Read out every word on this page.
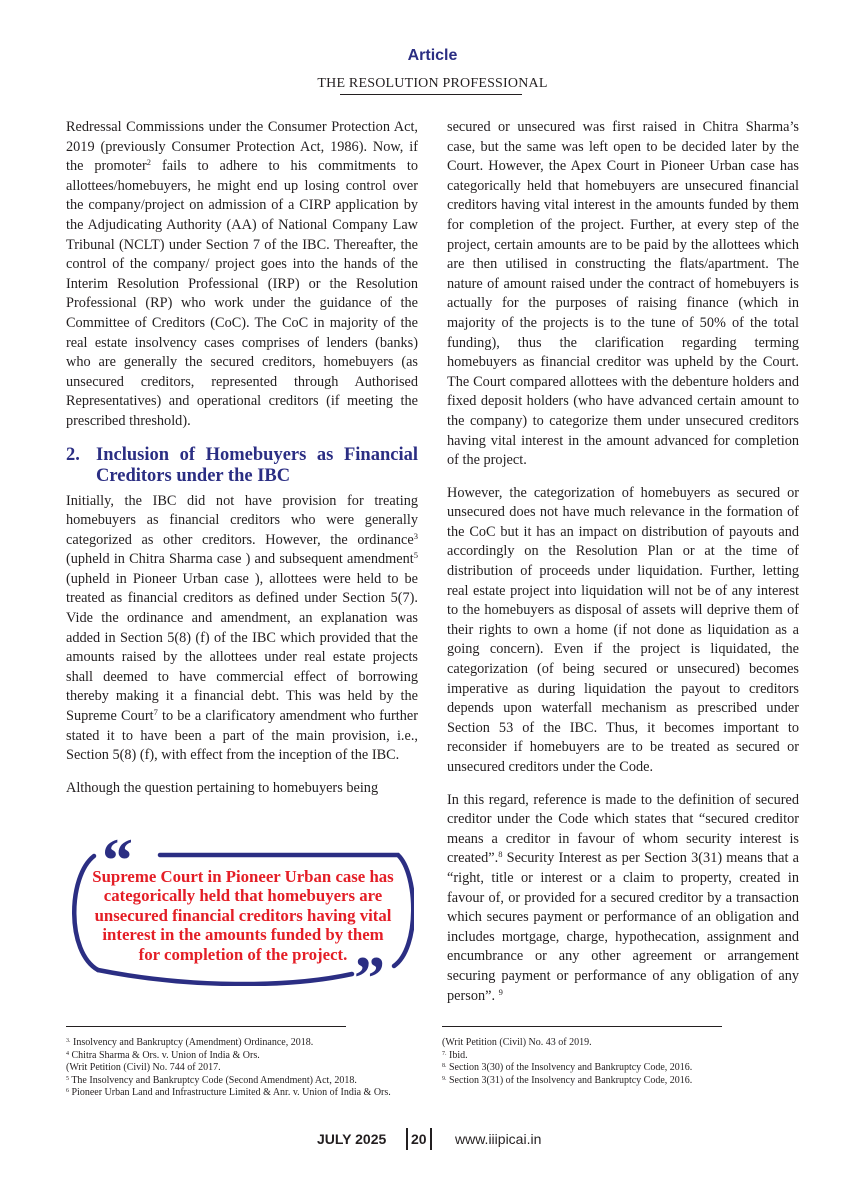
Article
THE RESOLUTION PROFESSIONAL

Redressal Commissions under the Consumer Protection Act, 2019 (previously Consumer Protection Act, 1986). Now, if the promoter$^2$ fails to adhere to his commitments to allottees/homebuyers, he might end up losing control over the company/project on admission of a CIRP application by the Adjudicating Authority (AA) of National Company Law Tribunal (NCLT) under Section 7 of the IBC. Thereafter, the control of the company/ project goes into the hands of the Interim Resolution Professional (IRP) or the Resolution Professional (RP) who work under the guidance of the Committee of Creditors (CoC). The CoC in majority of the real estate insolvency cases comprises of lenders (banks) who are generally the secured creditors, homebuyers (as unsecured creditors, represented through Authorised Representatives) and operational creditors (if meeting the prescribed threshold).

2. Inclusion of Homebuyers as Financial Creditors under the IBC

Initially, the IBC did not have provision for treating homebuyers as financial creditors who were generally categorized as other creditors. However, the ordinance$^3$ (upheld in Chitra Sharma case ) and subsequent amendment$^5$ (upheld in Pioneer Urban case ), allottees were held to be treated as financial creditors as defined under Section 5(7). Vide the ordinance and amendment, an explanation was added in Section 5(8) (f) of the IBC which provided that the amounts raised by the allottees under real estate projects shall deemed to have commercial effect of borrowing thereby making it a financial debt. This was held by the Supreme Court$^7$ to be a clarificatory amendment who further stated it to have been a part of the main provision, i.e., Section 5(8) (f), with effect from the inception of the IBC.

Although the question pertaining to homebuyers being

“
Supreme Court in Pioneer Urban case has categorically held that homebuyers are unsecured financial creditors having vital interest in the amounts funded by them for completion of the project. ”

secured or unsecured was first raised in Chitra Sharma’s case, but the same was left open to be decided later by the Court. However, the Apex Court in Pioneer Urban case has categorically held that homebuyers are unsecured financial creditors having vital interest in the amounts funded by them for completion of the project. Further, at every step of the project, certain amounts are to be paid by the allottees which are then utilised in constructing the flats/apartment. The nature of amount raised under the contract of homebuyers is actually for the purposes of raising finance (which in majority of the projects is to the tune of 50% of the total funding), thus the clarification regarding terming homebuyers as financial creditor was upheld by the Court. The Court compared allottees with the debenture holders and fixed deposit holders (who have advanced certain amount to the company) to categorize them under unsecured creditors having vital interest in the amount advanced for completion of the project.

However, the categorization of homebuyers as secured or unsecured does not have much relevance in the formation of the CoC but it has an impact on distribution of payouts and accordingly on the Resolution Plan or at the time of distribution of proceeds under liquidation. Further, letting real estate project into liquidation will not be of any interest to the homebuyers as disposal of assets will deprive them of their rights to own a home (if not done as liquidation as a going concern). Even if the project is liquidated, the categorization (of being secured or unsecured) becomes imperative as during liquidation the payout to creditors depends upon waterfall mechanism as prescribed under Section 53 of the IBC. Thus, it becomes important to reconsider if homebuyers are to be treated as secured or unsecured creditors under the Code.

In this regard, reference is made to the definition of secured creditor under the Code which states that “secured creditor means a creditor in favour of whom security interest is created”.$^8$ Security Interest as per Section 3(31) means that a “right, title or interest or a claim to property, created in favour of, or provided for a secured creditor by a transaction which secures payment or performance of an obligation and includes mortgage, charge, hypothecation, assignment and encumbrance or any other agreement or arrangement securing payment or performance of any obligation of any person”. $^9$

$^{3.}$ Insolvency and Bankruptcy (Amendment) Ordinance, 2018.
$^4$ Chitra Sharma & Ors. v. Union of India & Ors.
(Writ Petition (Civil) No. 744 of 2017.
$^5$ The Insolvency and Bankruptcy Code (Second Amendment) Act, 2018.
$^6$ Pioneer Urban Land and Infrastructure Limited & Anr. v. Union of India & Ors.
(Writ Petition (Civil) No. 43 of 2019.
$^{7.}$ Ibid.
$^{8.}$ Section 3(30) of the Insolvency and Bankruptcy Code, 2016.
$^{9.}$ Section 3(31) of the Insolvency and Bankruptcy Code, 2016.
JULY 2025 20 www.iiipicai.in
